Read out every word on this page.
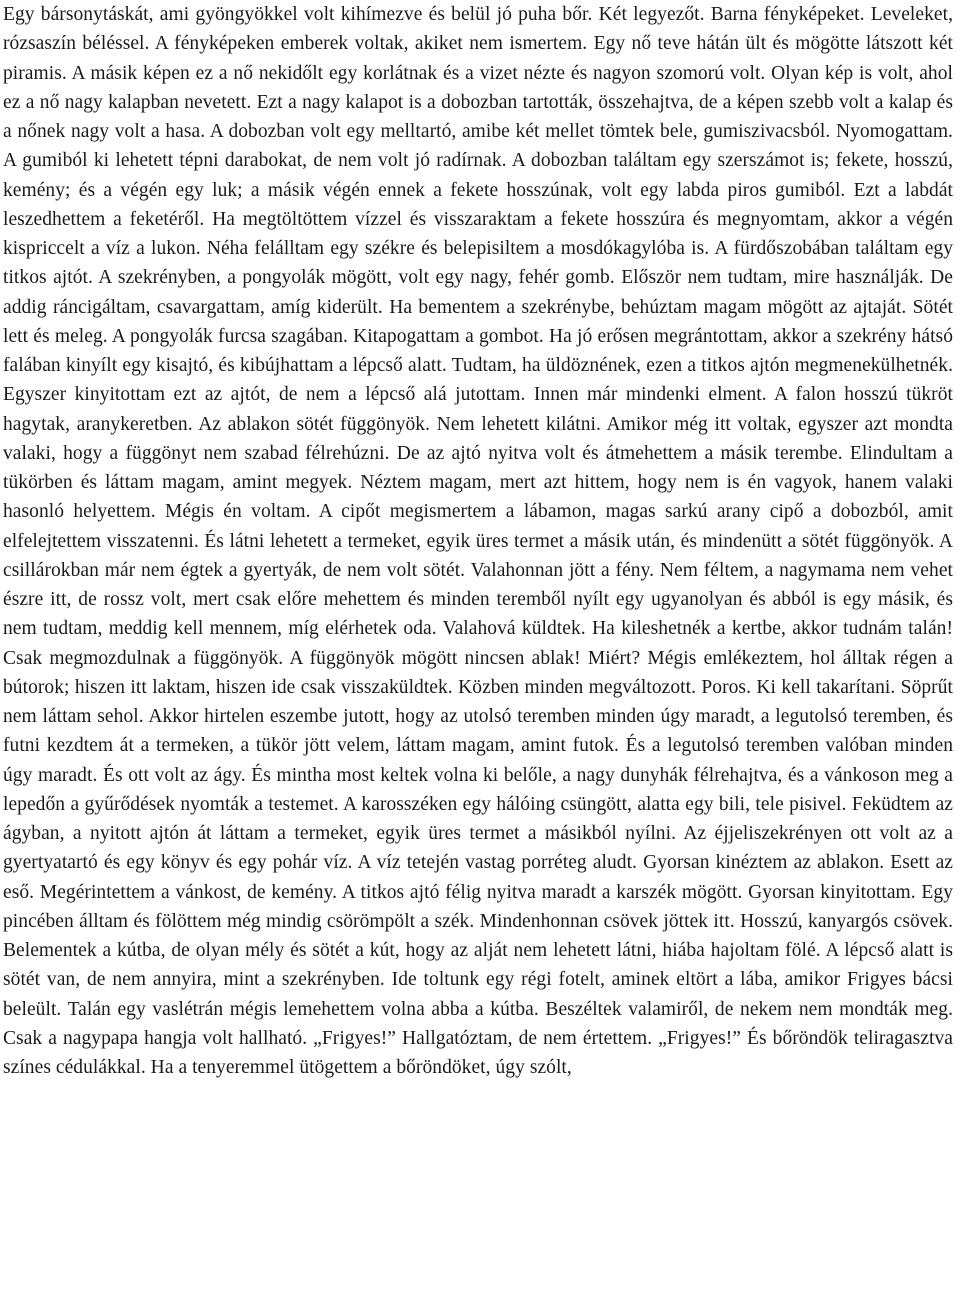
Egy bársonytáskát, ami gyöngyökkel volt kihímezve és belül jó puha bőr. Két legyezőt. Barna fényképeket. Leveleket, rózsaszín béléssel. A fényképeken emberek voltak, akiket nem ismertem. Egy nő teve hátán ült és mögötte látszott két piramis. A másik képen ez a nő nekidőlt egy korlátnak és a vizet nézte és nagyon szomorú volt. Olyan kép is volt, ahol ez a nő nagy kalapban nevetett. Ezt a nagy kalapot is a dobozban tartották, összehajtva, de a képen szebb volt a kalap és a nőnek nagy volt a hasa. A dobozban volt egy melltartó, amibe két mellet tömtek bele, gumiszivacsból. Nyomogattam. A gumiból ki lehetett tépni darabokat, de nem volt jó radírnak. A dobozban találtam egy szerszámot is; fekete, hosszú, kemény; és a végén egy luk; a másik végén ennek a fekete hosszúnak, volt egy labda piros gumiból. Ezt a labdát leszedhettem a feketéről. Ha megtöltöttem vízzel és visszaraktam a fekete hosszúra és megnyomtam, akkor a végén kispriccelt a víz a lukon. Néha felálltam egy székre és belepisiltem a mosdókagylóba is. A fürdőszobában találtam egy titkos ajtót. A szekrényben, a pongyolák mögött, volt egy nagy, fehér gomb. Először nem tudtam, mire használják. De addig ráncigáltam, csavargattam, amíg kiderült. Ha bementem a szekrénybe, behúztam magam mögött az ajtaját. Sötét lett és meleg. A pongyolák furcsa szagában. Kitapogattam a gombot. Ha jó erősen megrántottam, akkor a szekrény hátsó falában kinyílt egy kisajtó, és kibújhattam a lépcső alatt. Tudtam, ha üldöznének, ezen a titkos ajtón megmenekülhetnék. Egyszer kinyitottam ezt az ajtót, de nem a lépcső alá jutottam. Innen már mindenki elment. A falon hosszú tükröt hagytak, aranykeretben. Az ablakon sötét függönyök. Nem lehetett kilátni. Amikor még itt voltak, egyszer azt mondta valaki, hogy a függönyt nem szabad félrehúzni. De az ajtó nyitva volt és átmehettem a másik terembe. Elindultam a tükörben és láttam magam, amint megyek. Néztem magam, mert azt hittem, hogy nem is én vagyok, hanem valaki hasonló helyettem. Mégis én voltam. A cipőt megismertem a lábamon, magas sarkú arany cipő a dobozból, amit elfelejtettem visszatenni. És látni lehetett a termeket, egyik üres termet a másik után, és mindenütt a sötét függönyök. A csillárokban már nem égtek a gyertyák, de nem volt sötét. Valahonnan jött a fény. Nem féltem, a nagymama nem vehet észre itt, de rossz volt, mert csak előre mehettem és minden teremből nyílt egy ugyanolyan és abból is egy másik, és nem tudtam, meddig kell mennem, míg elérhetek oda. Valahová küldtek. Ha kileshetnék a kertbe, akkor tudnám talán! Csak megmozdulnak a függönyök. A függönyök mögött nincsen ablak! Miért? Mégis emlékeztem, hol álltak régen a bútorok; hiszen itt laktam, hiszen ide csak visszaküldtek. Közben minden megváltozott. Poros. Ki kell takarítani. Söprűt nem láttam sehol. Akkor hirtelen eszembe jutott, hogy az utolsó teremben minden úgy maradt, a legutolsó teremben, és futni kezdtem át a termeken, a tükör jött velem, láttam magam, amint futok. És a legutolsó teremben valóban minden úgy maradt. És ott volt az ágy. És mintha most keltek volna ki belőle, a nagy dunyhák félrehajtva, és a vánkoson meg a lepedőn a gyűrődések nyomták a testemet. A karosszéken egy hálóing csüngött, alatta egy bili, tele pisivel. Feküdtem az ágyban, a nyitott ajtón át láttam a termeket, egyik üres termet a másikból nyílni. Az éjjeliszekrényen ott volt az a gyertyatartó és egy könyv és egy pohár víz. A víz tetején vastag porréteg aludt. Gyorsan kinéztem az ablakon. Esett az eső. Megérintettem a vánkost, de kemény. A titkos ajtó félig nyitva maradt a karszék mögött. Gyorsan kinyitottam. Egy pincében álltam és fölöttem még mindig csörömpölt a szék. Mindenhonnan csövek jöttek itt. Hosszú, kanyargós csövek. Belementek a kútba, de olyan mély és sötét a kút, hogy az alját nem lehetett látni, hiába hajoltam fölé. A lépcső alatt is sötét van, de nem annyira, mint a szekrényben. Ide toltunk egy régi fotelt, aminek eltört a lába, amikor Frigyes bácsi beleült. Talán egy vaslétrán mégis lemehettem volna abba a kútba. Beszéltek valamiről, de nekem nem mondták meg. Csak a nagypapa hangja volt hallható. „Frigyes!” Hallgatóztam, de nem értettem. „Frigyes!” És bőröndök teliragasztva színes cédulákkal. Ha a tenyeremmel ütögettem a bőröndöket, úgy szólt,
